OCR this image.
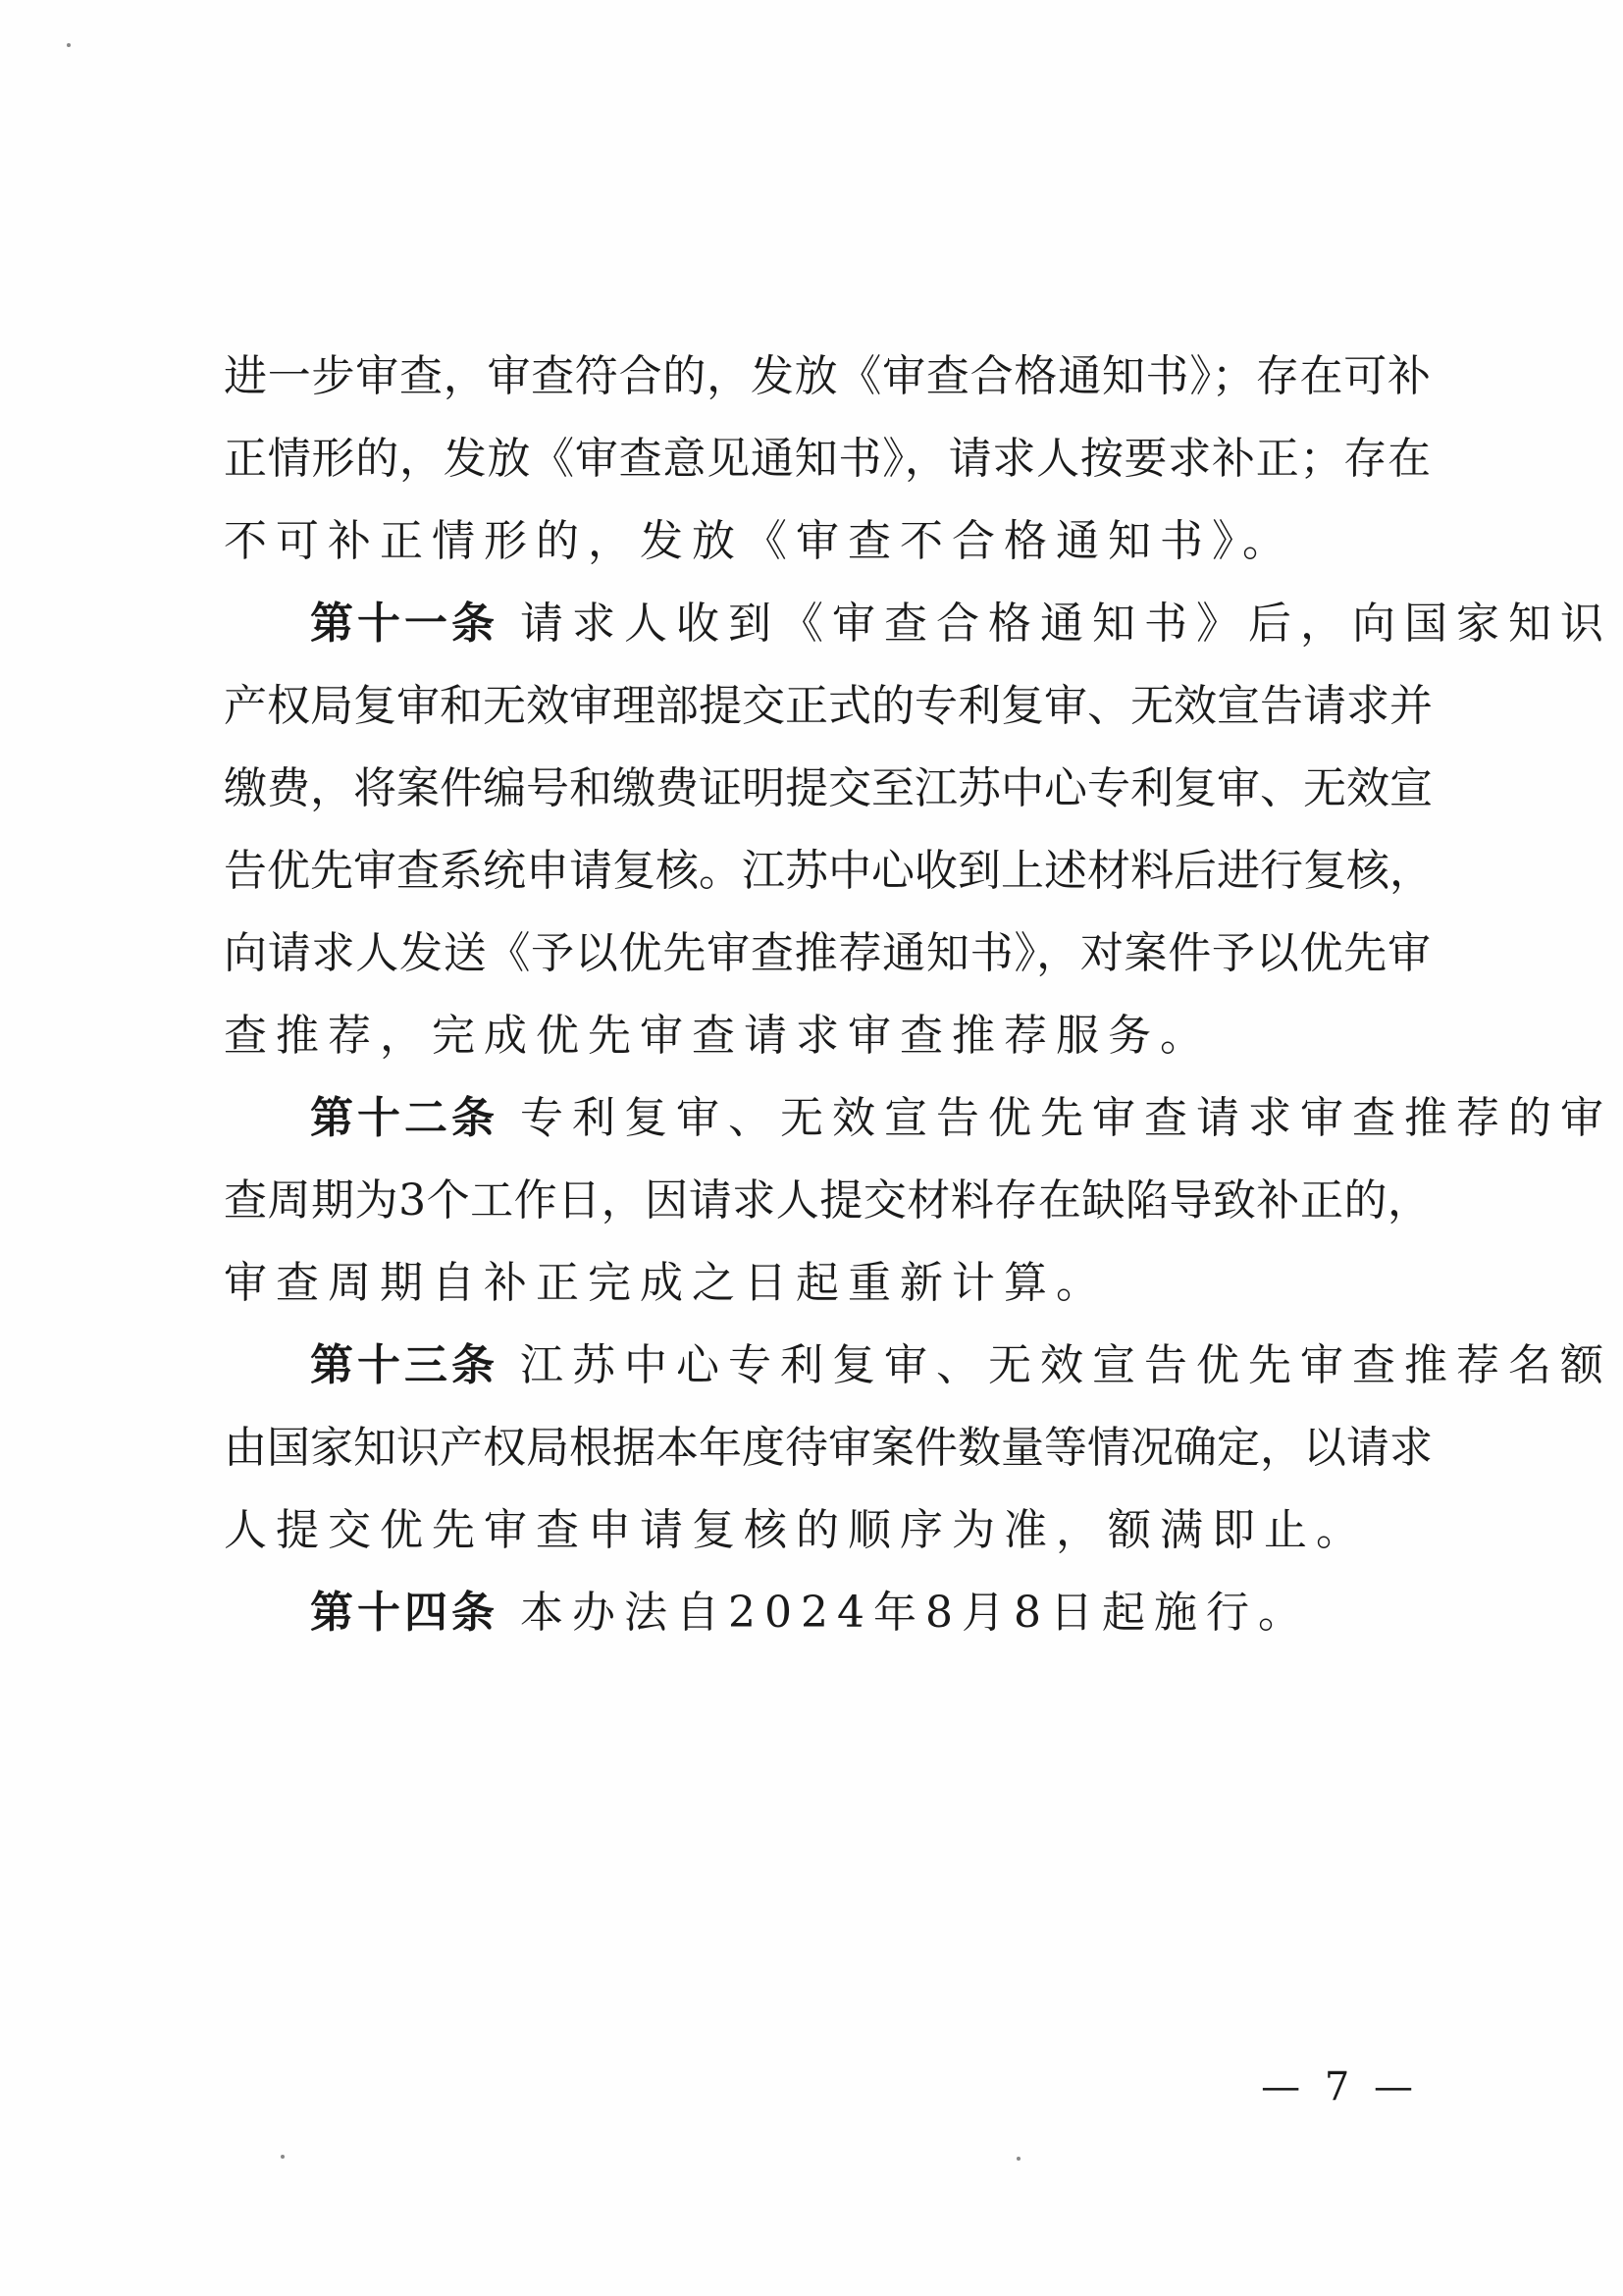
进一步审查，审查符合的，发放《审查合格通知书》；存在可补
正情形的，发放《审查意见通知书》，请求人按要求补正；存在
不可补正情形的，发放《审查不合格通知书》。
第十一条 请求人收到《审查合格通知书》后，向国家知识
产权局复审和无效审理部提交正式的专利复审、无效宣告请求并
缴费，将案件编号和缴费证明提交至江苏中心专利复审、无效宣
告优先审查系统申请复核。江苏中心收到上述材料后进行复核，
向请求人发送《予以优先审查推荐通知书》，对案件予以优先审
查推荐，完成优先审查请求审查推荐服务。
第十二条 专利复审、无效宣告优先审查请求审查推荐的审
查周期为3个工作日，因请求人提交材料存在缺陷导致补正的，
审查周期自补正完成之日起重新计算。
第十三条 江苏中心专利复审、无效宣告优先审查推荐名额
由国家知识产权局根据本年度待审案件数量等情况确定，以请求
人提交优先审查申请复核的顺序为准，额满即止。
第十四条 本办法自2024年8月8日起施行。
— 7 —
